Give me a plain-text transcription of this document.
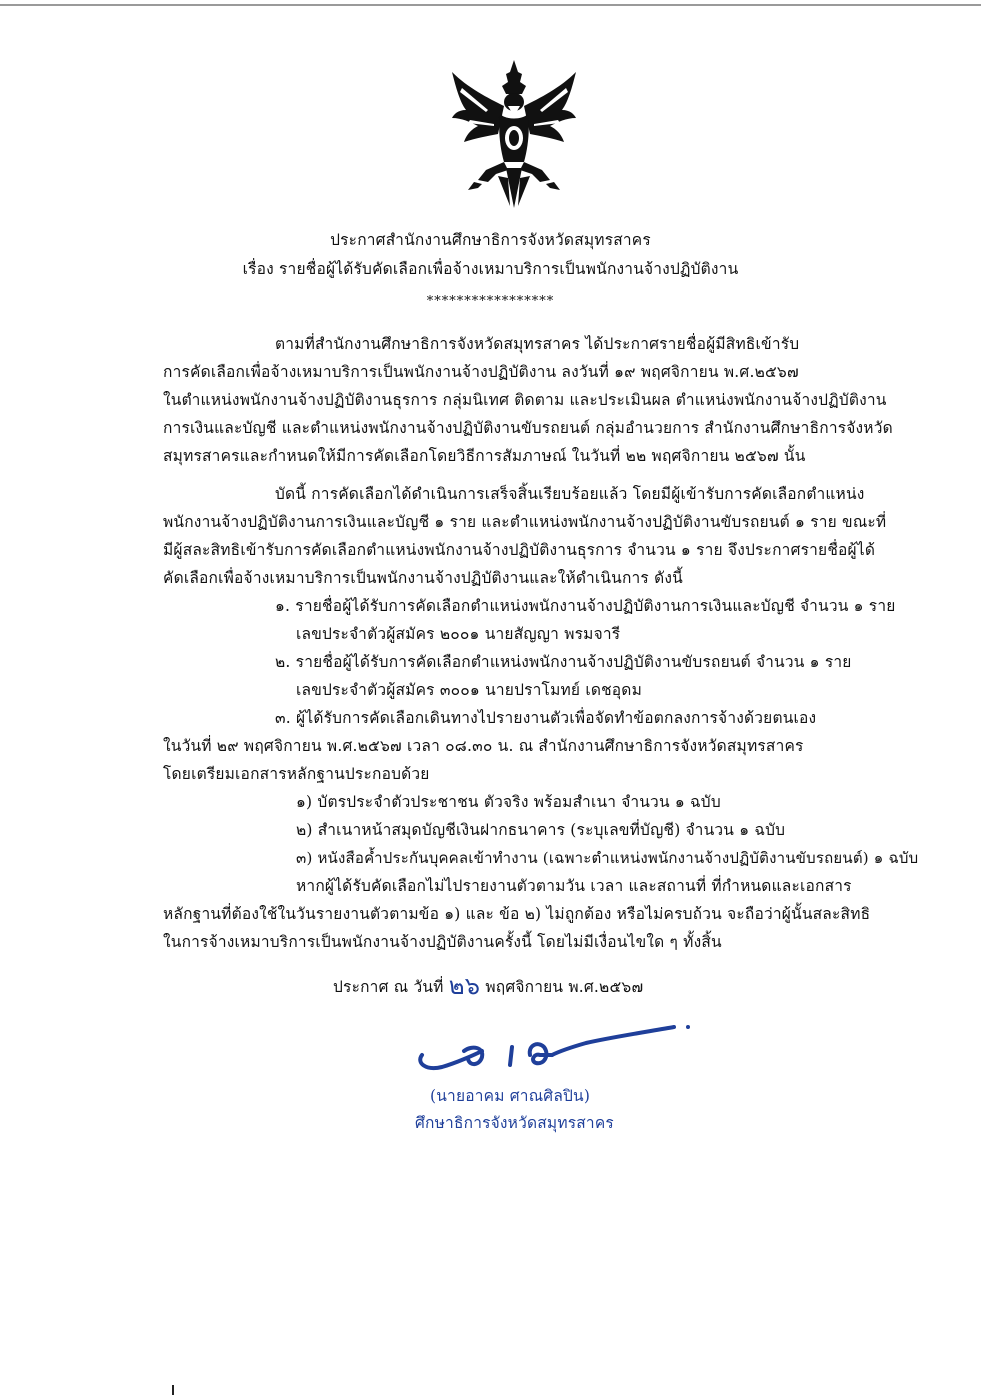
ประกาศสำนักงานศึกษาธิการจังหวัดสมุทรสาคร
เรื่อง รายชื่อผู้ได้รับคัดเลือกเพื่อจ้างเหมาบริการเป็นพนักงานจ้างปฏิบัติงาน
*****************
ตามที่สำนักงานศึกษาธิการจังหวัดสมุทรสาคร ได้ประกาศรายชื่อผู้มีสิทธิเข้ารับ
การคัดเลือกเพื่อจ้างเหมาบริการเป็นพนักงานจ้างปฏิบัติงาน ลงวันที่ ๑๙ พฤศจิกายน พ.ศ.๒๕๖๗
ในตำแหน่งพนักงานจ้างปฏิบัติงานธุรการ กลุ่มนิเทศ ติดตาม และประเมินผล ตำแหน่งพนักงานจ้างปฏิบัติงาน
การเงินและบัญชี และตำแหน่งพนักงานจ้างปฏิบัติงานขับรถยนต์ กลุ่มอำนวยการ สำนักงานศึกษาธิการจังหวัด
สมุทรสาครและกำหนดให้มีการคัดเลือกโดยวิธีการสัมภาษณ์ ในวันที่ ๒๒ พฤศจิกายน ๒๕๖๗ นั้น
บัดนี้ การคัดเลือกได้ดำเนินการเสร็จสิ้นเรียบร้อยแล้ว โดยมีผู้เข้ารับการคัดเลือกตำแหน่ง
พนักงานจ้างปฏิบัติงานการเงินและบัญชี ๑ ราย และตำแหน่งพนักงานจ้างปฏิบัติงานขับรถยนต์ ๑ ราย ขณะที่
มีผู้สละสิทธิเข้ารับการคัดเลือกตำแหน่งพนักงานจ้างปฏิบัติงานธุรการ จำนวน ๑ ราย จึงประกาศรายชื่อผู้ได้
คัดเลือกเพื่อจ้างเหมาบริการเป็นพนักงานจ้างปฏิบัติงานและให้ดำเนินการ ดังนี้
๑. รายชื่อผู้ได้รับการคัดเลือกตำแหน่งพนักงานจ้างปฏิบัติงานการเงินและบัญชี จำนวน ๑ ราย
เลขประจำตัวผู้สมัคร ๒๐๐๑ นายสัญญา พรมจารี
๒. รายชื่อผู้ได้รับการคัดเลือกตำแหน่งพนักงานจ้างปฏิบัติงานขับรถยนต์ จำนวน ๑ ราย
เลขประจำตัวผู้สมัคร ๓๐๐๑ นายปราโมทย์ เดชอุดม
๓. ผู้ได้รับการคัดเลือกเดินทางไปรายงานตัวเพื่อจัดทำข้อตกลงการจ้างด้วยตนเอง
ในวันที่ ๒๙ พฤศจิกายน พ.ศ.๒๕๖๗ เวลา ๐๘.๓๐ น. ณ สำนักงานศึกษาธิการจังหวัดสมุทรสาคร
โดยเตรียมเอกสารหลักฐานประกอบด้วย
๑) บัตรประจำตัวประชาชน ตัวจริง พร้อมสำเนา จำนวน ๑ ฉบับ
๒) สำเนาหน้าสมุดบัญชีเงินฝากธนาคาร (ระบุเลขที่บัญชี) จำนวน ๑ ฉบับ
๓) หนังสือค้ำประกันบุคคลเข้าทำงาน (เฉพาะตำแหน่งพนักงานจ้างปฏิบัติงานขับรถยนต์) ๑ ฉบับ
หากผู้ได้รับคัดเลือกไม่ไปรายงานตัวตามวัน เวลา และสถานที่ ที่กำหนดและเอกสาร
หลักฐานที่ต้องใช้ในวันรายงานตัวตามข้อ ๑) และ ข้อ ๒) ไม่ถูกต้อง หรือไม่ครบถ้วน จะถือว่าผู้นั้นสละสิทธิ
ในการจ้างเหมาบริการเป็นพนักงานจ้างปฏิบัติงานครั้งนี้ โดยไม่มีเงื่อนไขใด ๆ ทั้งสิ้น
ประกาศ ณ วันที่ ๒๖ พฤศจิกายน พ.ศ.๒๕๖๗
(นายอาคม ศาณศิลปิน)
ศึกษาธิการจังหวัดสมุทรสาคร
